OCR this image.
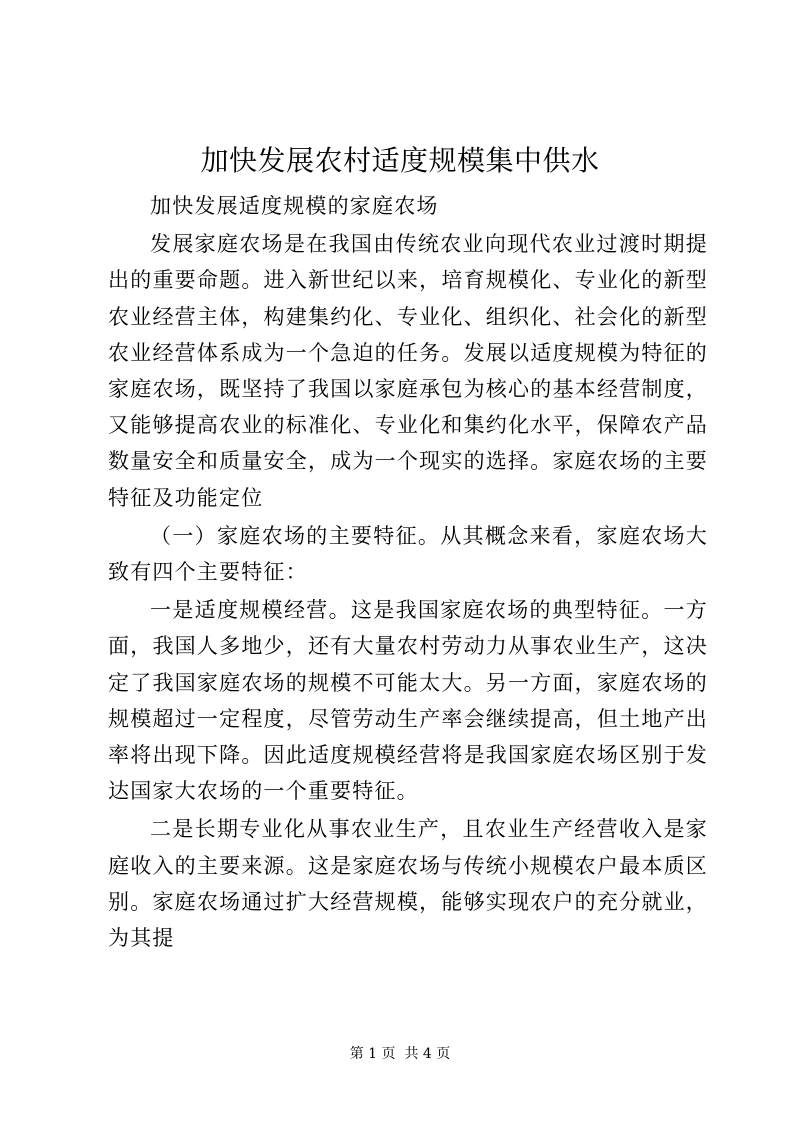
加快发展农村适度规模集中供水

加快发展适度规模的家庭农场

发展家庭农场是在我国由传统农业向现代农业过渡时期提出的重要命题。进入新世纪以来，培育规模化、专业化的新型农业经营主体，构建集约化、专业化、组织化、社会化的新型农业经营体系成为一个急迫的任务。发展以适度规模为特征的家庭农场，既坚持了我国以家庭承包为核心的基本经营制度，又能够提高农业的标准化、专业化和集约化水平，保障农产品数量安全和质量安全，成为一个现实的选择。家庭农场的主要特征及功能定位

（一）家庭农场的主要特征。从其概念来看，家庭农场大致有四个主要特征：

一是适度规模经营。这是我国家庭农场的典型特征。一方面，我国人多地少，还有大量农村劳动力从事农业生产，这决定了我国家庭农场的规模不可能太大。另一方面，家庭农场的规模超过一定程度，尽管劳动生产率会继续提高，但土地产出率将出现下降。因此适度规模经营将是我国家庭农场区别于发达国家大农场的一个重要特征。

二是长期专业化从事农业生产，且农业生产经营收入是家庭收入的主要来源。这是家庭农场与传统小规模农户最本质区别。家庭农场通过扩大经营规模，能够实现农户的充分就业，为其提

第 1 页  共 4 页
